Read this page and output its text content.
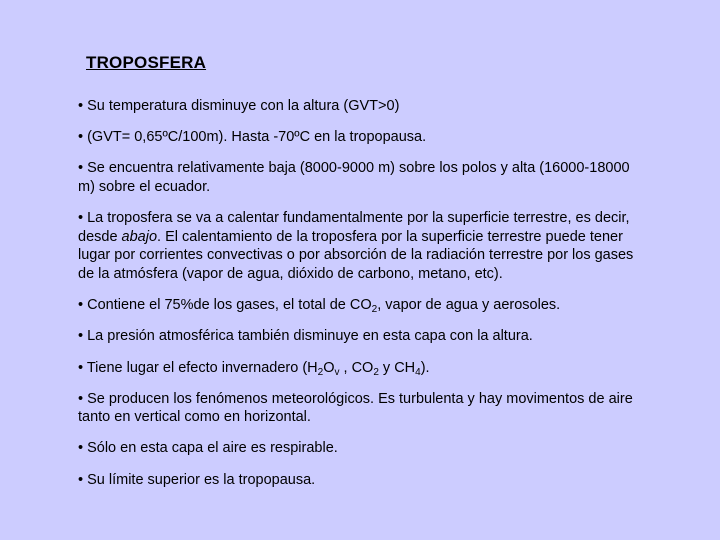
TROPOSFERA
• Su temperatura disminuye con la altura (GVT>0)
• (GVT= 0,65ºC/100m). Hasta -70ºC en la tropopausa.
• Se encuentra relativamente baja (8000-9000 m) sobre los polos y alta (16000-18000 m) sobre el ecuador.
• La troposfera se va a calentar fundamentalmente por la superficie terrestre, es decir, desde abajo. El calentamiento de la troposfera por la superficie terrestre puede tener lugar por corrientes convectivas o por absorción de la radiación terrestre por los gases de la atmósfera (vapor de agua, dióxido de carbono, metano, etc).
• Contiene el 75%de los gases, el total de $CO_2$, vapor de agua y aerosoles.
• La presión atmosférica también disminuye en esta capa con la altura.
• Tiene lugar el efecto invernadero ($H_2O_v$ , $CO_2$ y $CH_4$).
• Se producen los fenómenos meteorológicos. Es turbulenta y hay movimentos de aire tanto en vertical como en horizontal.
• Sólo en esta capa el aire es respirable.
• Su límite superior es la tropopausa.
